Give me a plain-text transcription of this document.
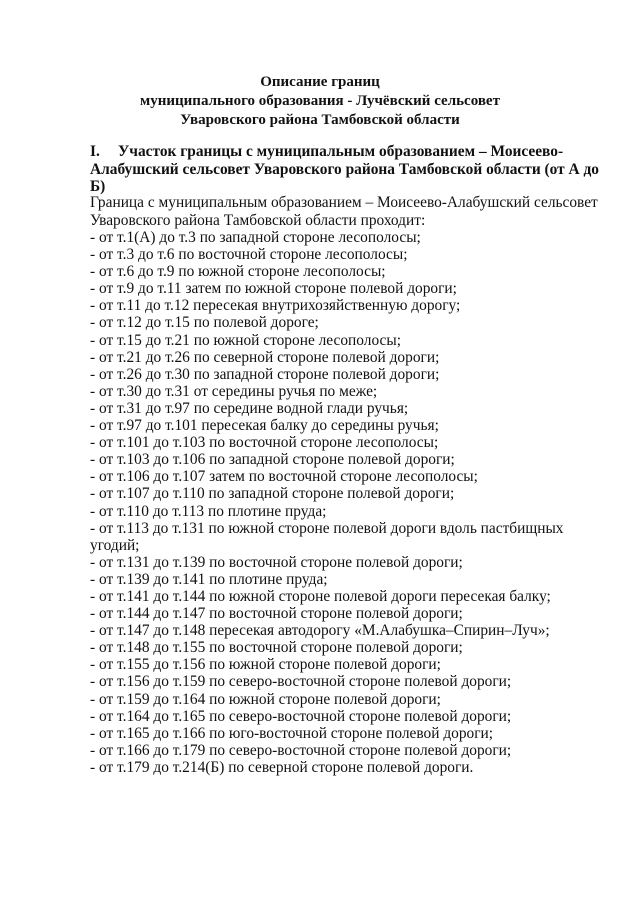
Описание границ
муниципального образования - Лучёвский сельсовет
Уваровского района Тамбовской области
I. Участок границы с муниципальным образованием – Моисеево-
Алабушский сельсовет Уваровского района Тамбовской области (от А до
Б)
Граница с муниципальным образованием – Моисеево-Алабушский сельсовет
Уваровского района Тамбовской области проходит:
- от т.1(А) до т.3 по западной стороне лесополосы;
- от т.3 до т.6 по восточной стороне лесополосы;
- от т.6 до т.9 по южной стороне лесополосы;
- от т.9 до т.11 затем по южной стороне полевой дороги;
- от т.11 до т.12 пересекая внутрихозяйственную дорогу;
- от т.12 до т.15 по полевой дороге;
- от т.15 до т.21 по южной стороне лесополосы;
- от т.21 до т.26 по северной стороне полевой дороги;
- от т.26 до т.30 по западной стороне полевой дороги;
- от т.30 до т.31 от середины ручья по меже;
- от т.31 до т.97 по середине водной глади ручья;
- от т.97 до т.101 пересекая балку до середины ручья;
- от т.101 до т.103 по восточной стороне лесополосы;
- от т.103 до т.106 по западной стороне полевой дороги;
- от т.106 до т.107 затем по восточной стороне лесополосы;
- от т.107 до т.110 по западной стороне полевой дороги;
- от т.110 до т.113 по плотине пруда;
- от т.113 до т.131 по южной стороне полевой дороги вдоль пастбищных
угодий;
- от т.131 до т.139 по восточной стороне полевой дороги;
- от т.139 до т.141 по плотине пруда;
- от т.141 до т.144 по южной стороне полевой дороги пересекая балку;
- от т.144 до т.147 по восточной стороне полевой дороги;
- от т.147 до т.148 пересекая автодорогу «М.Алабушка–Спирин–Луч»;
- от т.148 до т.155 по восточной стороне полевой дороги;
- от т.155 до т.156 по южной стороне полевой дороги;
- от т.156 до т.159 по северо-восточной стороне полевой дороги;
- от т.159 до т.164 по южной стороне полевой дороги;
- от т.164 до т.165 по северо-восточной стороне полевой дороги;
- от т.165 до т.166 по юго-восточной стороне полевой дороги;
- от т.166 до т.179 по северо-восточной стороне полевой дороги;
- от т.179 до т.214(Б) по северной стороне полевой дороги.
